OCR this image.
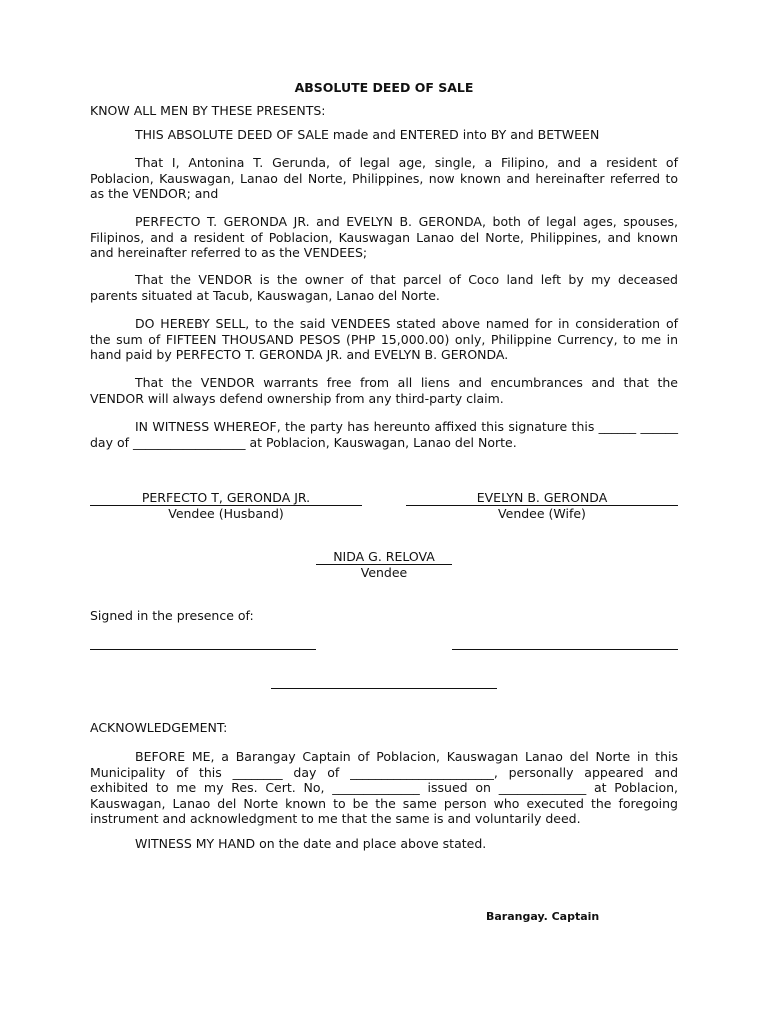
ABSOLUTE DEED OF SALE
KNOW ALL MEN BY THESE PRESENTS:
THIS ABSOLUTE DEED OF SALE made and ENTERED into BY and BETWEEN
That I, Antonina T. Gerunda, of legal age, single, a Filipino, and a resident of Poblacion, Kauswagan, Lanao del Norte, Philippines, now known and hereinafter referred to as the VENDOR; and
PERFECTO T. GERONDA JR. and EVELYN B. GERONDA, both of legal ages, spouses, Filipinos, and a resident of Poblacion, Kauswagan Lanao del Norte, Philippines, and known and hereinafter referred to as the VENDEES;
That the VENDOR is the owner of that parcel of Coco land left by my deceased parents situated at Tacub, Kauswagan, Lanao del Norte.
DO HEREBY SELL, to the said VENDEES stated above named for in consideration of the sum of FIFTEEN THOUSAND PESOS (PHP 15,000.00) only, Philippine Currency, to me in hand paid by PERFECTO T. GERONDA JR. and EVELYN B. GERONDA.
That the VENDOR warrants free from all liens and encumbrances and that the VENDOR will always defend ownership from any third-party claim.
IN WITNESS WHEREOF, the party has hereunto affixed this signature this ______ ______ day of __________________ at Poblacion, Kauswagan, Lanao del Norte.
PERFECTO T, GERONDA JR.
Vendee (Husband)
EVELYN B. GERONDA
Vendee (Wife)
NIDA G. RELOVA
Vendee
Signed in the presence of:
ACKNOWLEDGEMENT:
BEFORE ME, a Barangay Captain of Poblacion, Kauswagan Lanao del Norte in this Municipality of this ________ day of _______________________, personally appeared and exhibited to me my Res. Cert. No, ______________ issued on ______________ at Poblacion, Kauswagan, Lanao del Norte known to be the same person who executed the foregoing instrument and acknowledgment to me that the same is and voluntarily deed.
WITNESS MY HAND on the date and place above stated.
Barangay. Captain
